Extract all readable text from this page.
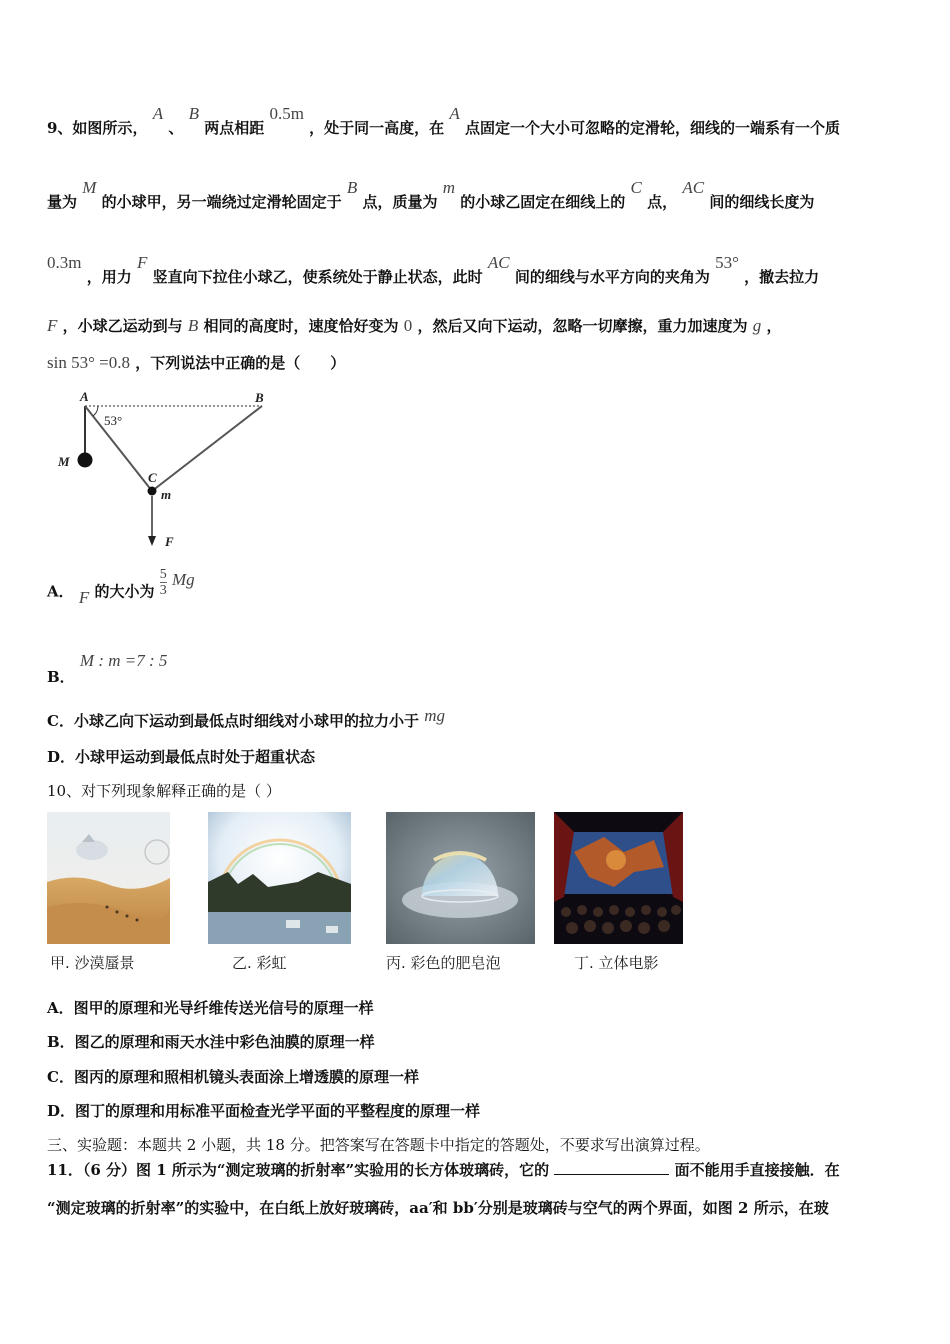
9、如图所示， A 、 B 两点相距 0.5m ，处于同一高度，在 A 点固定一个大小可忽略的定滑轮，细线的一端系有一个质
量为 M 的小球甲，另一端绕过定滑轮固定于 B 点，质量为 m 的小球乙固定在细线上的 C 点， AC 间的细线长度为
0.3m ，用力 F 竖直向下拉住小球乙，使系统处于静止状态，此时 AC 间的细线与水平方向的夹角为 53° ，撤去拉力
F ，小球乙运动到与 B 相同的高度时，速度恰好变为 0 ，然后又向下运动，忽略一切摩擦，重力加速度为 g ，
sin 53° =0.8 ，下列说法中正确的是（　　）
A	B
M
C
m
F
53°
A． F 的大小为 $\frac{5}{3}$ Mg
B． M : m =7 : 5
C．小球乙向下运动到最低点时细线对小球甲的拉力小于 mg
D．小球甲运动到最低点时处于超重状态
10、对下列现象解释正确的是（ ）
甲. 沙漠蜃景	乙. 彩虹	丙. 彩色的肥皂泡	丁. 立体电影
A．图甲的原理和光导纤维传送光信号的原理一样
B．图乙的原理和雨天水洼中彩色油膜的原理一样
C．图丙的原理和照相机镜头表面涂上增透膜的原理一样
D．图丁的原理和用标准平面检查光学平面的平整程度的原理一样
三、实验题：本题共 2 小题，共 18 分。把答案写在答题卡中指定的答题处，不要求写出演算过程。
11．（6 分）图 1 所示为“测定玻璃的折射率”实验用的长方体玻璃砖，它的	面不能用手直接接触．在
“测定玻璃的折射率”的实验中，在白纸上放好玻璃砖，aa′和 bb′分别是玻璃砖与空气的两个界面，如图 2 所示，在玻
